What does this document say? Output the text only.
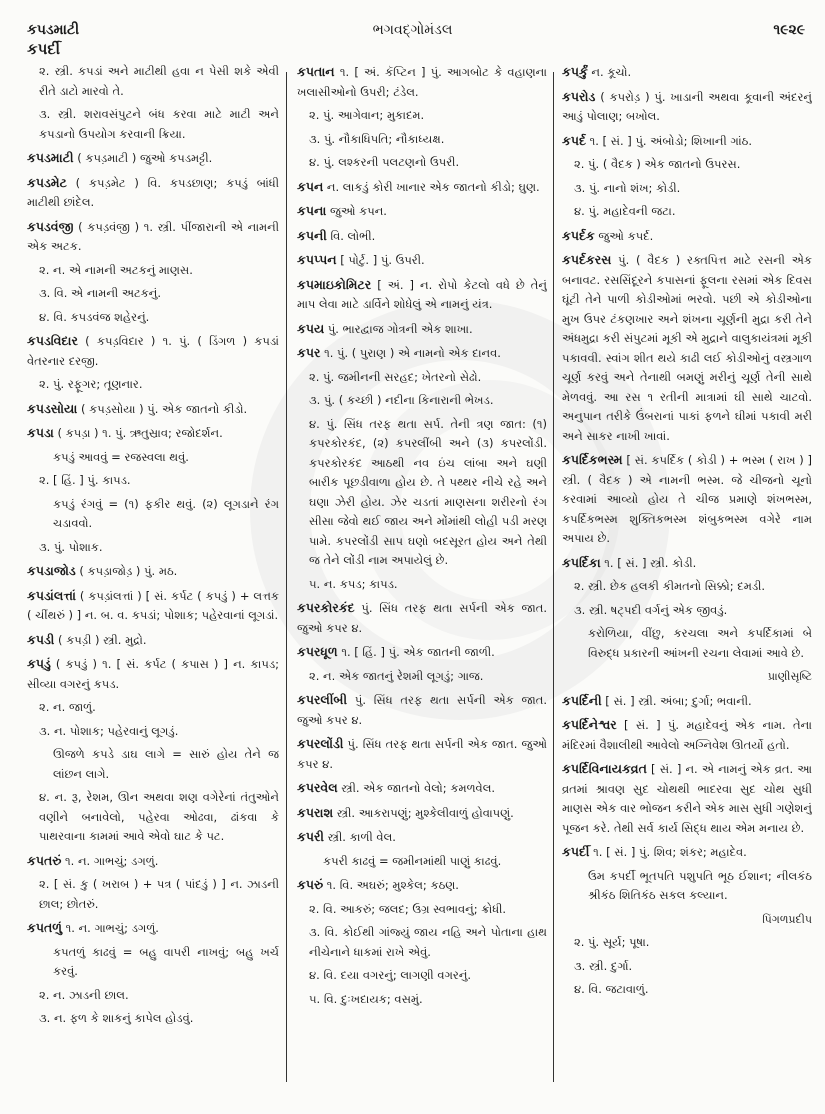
કપડમાટી
કપર્દી
ભગવદ્‌ગોમંડલ	૧૯૨૯
૨. સ્ત્રી. કપડાં અને માટીથી હવા ન પેસી શકે એવી રીતે ડાટો મારવો તે.
૩. સ્ત્રી. શરાવસંપુટને બંધ કરવા માટે માટી અને કપડાનો ઉપયોગ કરવાની ક્રિયા.
કપડમાટી ( કપડ઼માટી ) જુઓ કપડમટ્ટી.
કપડમેટ ( કપડ઼મેટ ) વિ. કપડછાણ; કપડું બાંધી માટીથી છાંદેલ.
કપડવંજી ( કપડ઼વંજી ) ૧. સ્ત્રી. પીંજારાની એ નામની એક અટક.
૨. ન. એ નામની અટકનું માણસ.
૩. વિ. એ નામની અટકનું.
૪. વિ. કપડવંજ શહેરનું.
કપડવિદાર ( કપડ઼વિદાર ) ૧. પું. ( ડિંગળ ) કપડાં વેતરનાર દરજી.
૨. પું. રફૂગર; તૂણનાર.
કપડસોયા ( કપડ઼સોયા ) પું. એક જાતનો કીડો.
કપડા ( કપડ઼ા ) ૧. પું. ઋતુસ્રાવ; રજોદર્શન.
કપડું આવવું = રજસ્વલા થવું.
૨. [ હિં. ] પું. કાપડ.
કપડું રંગવું = (૧) ફકીર થવું. (૨) લૂગડાને રંગ ચડાવવો.
૩. પું. પોશાક.
કપડાજોડ ( કપડ઼ાજોડ઼ ) પું. મઠ.
કપડાંલત્તાં ( કપડ઼ાંલત્તાં ) [ સં. કર્પટ ( કપડું ) + લત્તક ( ચીંથરું ) ] ન. બ. વ. કપડાં; પોશાક; પહેરવાનાં લૂગડાં.
કપડી ( કપડ઼ી ) સ્ત્રી. મુદ્રો.
કપડું ( કપડ઼ું ) ૧. [ સં. કર્પટ ( કપાસ ) ] ન. કાપડ; સીવ્યા વગરનું કપડ.
૨. ન. જાળું.
૩. ન. પોશાક; પહેરવાનું લૂગડું.
ઊજળે કપડે ડાઘ લાગે = સારું હોય તેને જ લાંછન લાગે.
૪. ન. રૂ, રેશમ, ઊન અથવા શણ વગેરેનાં તંતુઓને વણીને બનાવેલો, પહેરવા ઓઢવા, ઢાંકવા કે પાથરવાના કામમાં આવે એવો ઘાટ કે પટ.
કપતરું ૧. ન. ગાભચું; ડગળું.
૨. [ સં. કુ ( ખરાબ ) + પત્ર ( પાંદડું ) ] ન. ઝાડની છાલ; છોતરું.
કપતળું ૧. ન. ગાભચું; ડગળું.
કપતળું કાઢવું = બહુ વાપરી નાખવું; બહુ ખર્ચ કરવું.
૨. ન. ઝાડની છાલ.
૩. ન. ફળ કે શાકનું કાપેલ હોડવું.
કપતાન ૧. [ અં. કૅપ્ટિન ] પું. આગબોટ કે વહાણના ખલાસીઓનો ઉપરી; ટંડેલ.
૨. પું. આગેવાન; મુકાદમ.
૩. પું. નૌકાધિપતિ; નૌકાધ્યક્ષ.
૪. પું. લશ્કરની પલટણનો ઉપરી.
કપન ન. લાકડું કોરી ખાનાર એક જાતનો કીડો; ઘુણ.
કપના જુઓ કપન.
કપની વિ. લોભી.
કપપ્પન [ પોર્ટુ. ] પું. ઉપરી.
કપમાઇકોમિટર [ અં. ] ન. રોપો કેટલો વધે છે તેનું માપ લેવા માટે ડાર્વિને શોધેલું એ નામનું યંત્ર.
કપય પું. ભારદ્વાજ ગોત્રની એક શાખા.
કપર ૧. પું. ( પુરાણ ) એ નામનો એક દાનવ.
૨. પું. જમીનની સરહદ; ખેતરનો સેઢો.
૩. પું. ( કચ્છી ) નદીના કિનારાની ભેખડ.
૪. પું. સિંધ તરફ થતા સર્પ. તેની ત્રણ જાત: (૧) કપરકોરકંદ, (૨) કપરલીંબી અને (૩) કપરલોંડી. કપરકોરકંદ આઠથી નવ ઇંચ લાંબા અને ઘણી બારીક પૂછડીવાળા હોય છે. તે પથ્થર નીચે રહે અને ઘણા ઝેરી હોય. ઝેર ચડતાં માણસના શરીરનો રંગ સીસા જેવો થઈ જાય અને મોંમાંથી લોહી પડી મરણ પામે. કપરલોંડી સાપ ઘણો બદસૂરત હોય અને તેથી જ તેને લોંડી નામ અપાયેલું છે.
૫. ન. કપડ; કાપડ.
કપરકોરકંદ પું. સિંધ તરફ થતા સર્પની એક જાત. જુઓ કપર ૪.
કપરધૂળ ૧. [ હિં. ] પું. એક જાતની જાળી.
૨. ન. એક જાતનું રેશમી લૂગડું; ગાજ.
કપરલીંબી પું. સિંધ તરફ થતા સર્પની એક જાત. જુઓ કપર ૪.
કપરલોંડી પું. સિંધ તરફ થતા સર્પની એક જાત. જુઓ કપર ૪.
કપરવેલ સ્ત્રી. એક જાતનો વેલો; કમળવેલ.
કપરાશ સ્ત્રી. આકરાપણું; મુશ્કેલીવાળું હોવાપણું.
કપરી સ્ત્રી. કાળી વેલ.
કપરી કાઢવું = જમીનમાંથી પાણું કાઢવું.
કપરું ૧. વિ. અઘરું; મુશ્કેલ; કઠણ.
૨. વિ. આકરું; જલદ; ઉગ્ર સ્વભાવનું; ક્રોધી.
૩. વિ. કોઈથી ગાંજ્યું જાય નહિ અને પોતાના હાથ નીચેનાને ધાકમાં રાખે એવું.
૪. વિ. દયા વગરનું; લાગણી વગરનું.
૫. વિ. દુઃખદાયક; વસમું.
કપર્કું ન. કૂચો.
કપરોડ ( કપરોડ઼ ) પું. ખાડાની અથવા કૂવાની અંદરનું આડું પોલાણ; બખોલ.
કપર્દ ૧. [ સં. ] પું. અંબોડો; શિખાની ગાંઠ.
૨. પું. ( વૈદક ) એક જાતનો ઉપરસ.
૩. પું. નાનો શંખ; કોડી.
૪. પું. મહાદેવની જટા.
કપર્દક જુઓ કપર્દ.
કપર્દકરસ પું. ( વૈદક ) રક્તપિત્ત માટે રસની એક બનાવટ. રસસિંદૂરને કપાસનાં ફૂલના રસમાં એક દિવસ ઘૂંટી તેને પાળી કોડીઓમાં ભરવો. પછી એ કોડીઓના મુખ ઉપર ટંકણખાર અને શંખના ચૂર્ણની મુદ્રા કરી તેને અંધમુદ્રા કરી સંપુટમાં મૂકી એ મુદ્રાને વાલુકાયંત્રમાં મૂકી પકાવવી. સ્વાંગ શીત થયે કાઢી લઈ કોડીઓનું વસ્ત્રગાળ ચૂર્ણ કરવું અને તેનાથી બમણું મરીનું ચૂર્ણ તેની સાથે મેળવવું. આ રસ ૧ રતીની માત્રામાં ઘી સાથે ચાટવો. અનુપાન તરીકે ઉંબરાનાં પાકાં ફળને ઘીમાં પકાવી મરી અને સાકર નાખી ખાવાં.
કપર્દિકભસ્મ [ સં. કપર્દિક ( કોડી ) + ભસ્મ ( રાખ ) ] સ્ત્રી. ( વૈદક ) એ નામની ભસ્મ. જે ચીજનો ચૂનો કરવામાં આવ્યો હોય તે ચીજ પ્રમાણે શંખભસ્મ, કપર્દિકભસ્મ શુક્તિકભસ્મ શંબુકભસ્મ વગેરે નામ અપાય છે.
કપર્દિકા ૧. [ સં. ] સ્ત્રી. કોડી.
૨. સ્ત્રી. છેક હલકી કીમતનો સિક્કો; દમડી.
૩. સ્ત્રી. ષટ્પદી વર્ગનું એક જીવડું.
કરોળિયા, વીંછુ, કરચલા અને કપર્દિકામાં બે વિરુદ્ધ પ્રકારની આંખની રચના લેવામાં આવે છે.
પ્રાણીસૃષ્ટિ
કપર્દિની [ સં. ] સ્ત્રી. અંબા; દુર્ગા; ભવાની.
કપર્દિનેશ્વર [ સં. ] પું. મહાદેવનું એક નામ. તેના મંદિરમાં વૈશાલીથી આવેલો અગ્નિવેશ ઊતર્યો હતો.
કપર્દિવિનાયકવ્રત [ સં. ] ન. એ નામનું એક વ્રત. આ વ્રતમાં શ્રાવણ સુદ ચોથથી ભાદરવા સુદ ચોથ સુધી માણસ એક વાર ભોજન કરીને એક માસ સુધી ગણેશનું પૂજન કરે. તેથી સર્વ કાર્ય સિદ્ધ થાય એમ મનાય છે.
કપર્દી ૧. [ સં. ] પું. શિવ; શંકર; મહાદેવ.
ઉમ કપર્દી ભૂતપતિ પશુપતિ ભૂઠ ઈશાન; નીલકંઠ શ્રીકંઠ શિતિકંઠ સકલ કલ્યાન.
પિંગળપ્રદીપ
૨. પું. સૂર્ય; પૂષા.
૩. સ્ત્રી. દુર્ગા.
૪. વિ. જટાવાળું.
